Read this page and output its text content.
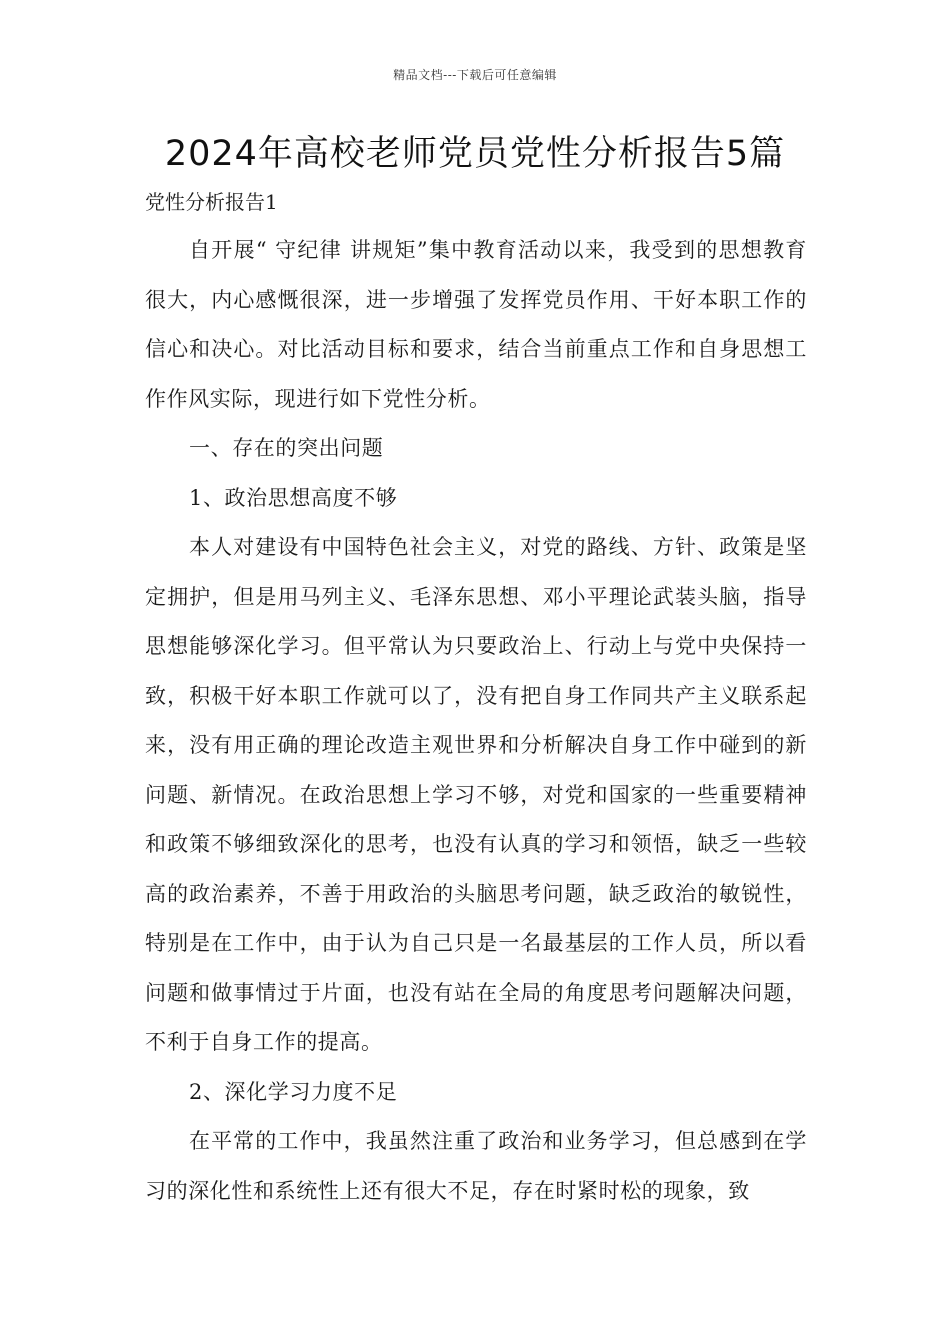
精品文档---下载后可任意编辑
2024年高校老师党员党性分析报告5篇
党性分析报告1

自开展“ 守纪律 讲规矩”集中教育活动以来，我受到的思想教育很大，内心感慨很深，进一步增强了发挥党员作用、干好本职工作的信心和决心。对比活动目标和要求，结合当前重点工作和自身思想工作作风实际，现进行如下党性分析。

一、存在的突出问题

1、政治思想高度不够

本人对建设有中国特色社会主义，对党的路线、方针、政策是坚定拥护，但是用马列主义、毛泽东思想、邓小平理论武装头脑，指导思想能够深化学习。但平常认为只要政治上、行动上与党中央保持一致，积极干好本职工作就可以了，没有把自身工作同共产主义联系起来，没有用正确的理论改造主观世界和分析解决自身工作中碰到的新问题、新情况。在政治思想上学习不够，对党和国家的一些重要精神和政策不够细致深化的思考，也没有认真的学习和领悟，缺乏一些较高的政治素养，不善于用政治的头脑思考问题，缺乏政治的敏锐性，特别是在工作中，由于认为自己只是一名最基层的工作人员，所以看问题和做事情过于片面，也没有站在全局的角度思考问题解决问题，不利于自身工作的提高。

2、深化学习力度不足

在平常的工作中，我虽然注重了政治和业务学习，但总感到在学习的深化性和系统性上还有很大不足，存在时紧时松的现象，致
